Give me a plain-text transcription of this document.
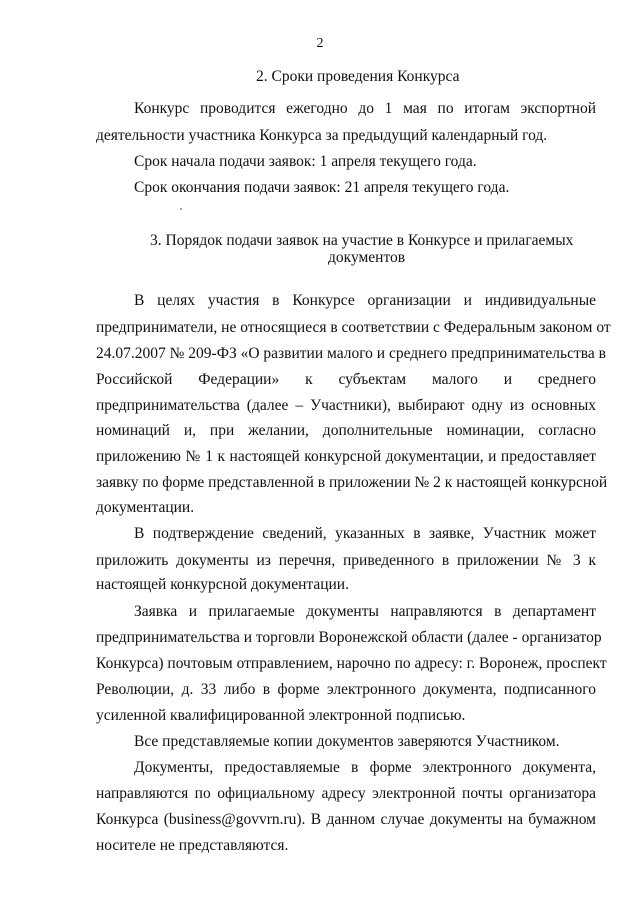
2
2. Сроки проведения Конкурса
Конкурс проводится ежегодно до 1 мая по итогам экспортной
деятельности участника Конкурса за предыдущий календарный год.
Срок начала подачи заявок: 1 апреля текущего года.
Срок окончания подачи заявок: 21 апреля текущего года.
3. Порядок подачи заявок на участие в Конкурсе и прилагаемых
документов
В целях участия в Конкурсе организации и индивидуальные
предприниматели, не относящиеся в соответствии с Федеральным законом от
24.07.2007 № 209-ФЗ «О развитии малого и среднего предпринимательства в
Российской Федерации» к субъектам малого и среднего
предпринимательства (далее – Участники), выбирают одну из основных
номинаций и, при желании, дополнительные номинации, согласно
приложению № 1 к настоящей конкурсной документации, и предоставляет
заявку по форме представленной в приложении № 2 к настоящей конкурсной
документации.
В подтверждение сведений, указанных в заявке, Участник может
приложить документы из перечня, приведенного в приложении № 3 к
настоящей конкурсной документации.
Заявка и прилагаемые документы направляются в департамент
предпринимательства и торговли Воронежской области (далее - организатор
Конкурса) почтовым отправлением, нарочно по адресу: г. Воронеж, проспект
Революции, д. 33 либо в форме электронного документа, подписанного
усиленной квалифицированной электронной подписью.
Все представляемые копии документов заверяются Участником.
Документы, предоставляемые в форме электронного документа,
направляются по официальному адресу электронной почты организатора
Конкурса (business@govvrn.ru). В данном случае документы на бумажном
носителе не представляются.
